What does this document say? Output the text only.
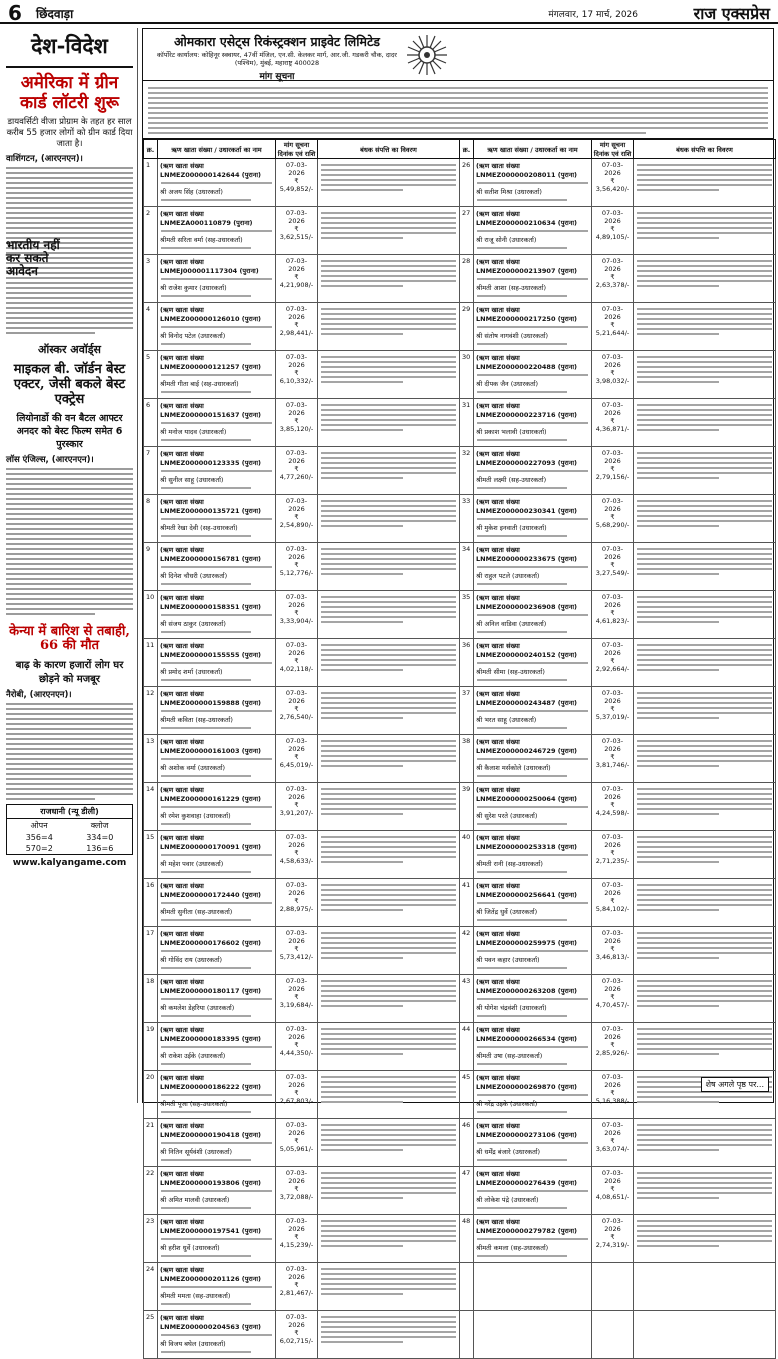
6 छिंदवाड़ा	मंगलवार, 17 मार्च, 2026	राज एक्सप्रेस
देश-विदेश
अमेरिका में ग्रीन कार्ड लॉटरी शुरू
डायवर्सिटी वीजा प्रोग्राम के तहत हर साल करीब 55 हजार लोगों को ग्रीन कार्ड दिया जाता है।
वाशिंगटन, (आरएनएन)।
भारतीय नहीं कर सकते आवेदन
ऑस्कर अवॉर्ड्स
माइकल बी. जॉर्डन बेस्ट एक्टर, जेसी बकले बेस्ट एक्ट्रेस
लियोनार्डो की वन बैटल आफ्टर अनदर को बेस्ट फिल्म समेत 6 पुरस्कार
लॉस एंजिल्स, (आरएनएन)।
केन्या में बारिश से तबाही, 66 की मौत
बाढ़ के कारण हजारों लोग घर छोड़ने को मजबूर
नैरोबी, (आरएनएन)।
राजधानी (न्यू डीली)
ओपन	क्लोज
356=4	334=0
570=2	136=6
www.kalyangame.com
ओमकारा एसेट्स रिकंस्ट्रक्शन प्राइवेट लिमिटेड
कॉर्पोरेट कार्यालय: कोहिनूर स्क्वायर, 47वीं मंजिल, एन.सी. केलकर मार्ग, आर.जी. गडकरी चौक, दादर (पश्चिम), मुंबई, महाराष्ट्र 400028
मांग सूचना
क्र.	ऋण खाता संख्या / उधारकर्ता का नाम	मांग सूचना दिनांक एवं राशि	बंधक संपत्ति का विवरण	क्र.	ऋण खाता संख्या / उधारकर्ता का नाम	मांग सूचना दिनांक एवं राशि	बंधक संपत्ति का विवरण
1	(ऋण खाता संख्या LNMEZ000000142644 (पुराना)
श्री अजय सिंह (उधारकर्ता)	07-03-2026
₹ 5,49,852/-		26	(ऋण खाता संख्या LNMEZ000000208011 (पुराना)
श्री सतीश मिश्रा (उधारकर्ता)	07-03-2026
₹ 3,56,420/-	

2	(ऋण खाता संख्या LNMEZA000110879 (पुराना)
श्रीमती सरिता वर्मा (सह-उधारकर्ता)	07-03-2026
₹ 3,62,515/-		27	(ऋण खाता संख्या LNMEZ000000210634 (पुराना)
श्री राजू सोनी (उधारकर्ता)	07-03-2026
₹ 4,89,105/-	

3	(ऋण खाता संख्या LNMEJ000001117304 (पुराना)
श्री राजेश कुमार (उधारकर्ता)	07-03-2026
₹ 4,21,908/-		28	(ऋण खाता संख्या LNMEZ000000213907 (पुराना)
श्रीमती आशा (सह-उधारकर्ता)	07-03-2026
₹ 2,63,378/-	

4	(ऋण खाता संख्या LNMEZ000000126010 (पुराना)
श्री विनोद पटेल (उधारकर्ता)	07-03-2026
₹ 2,98,441/-		29	(ऋण खाता संख्या LNMEZ000000217250 (पुराना)
श्री संतोष नागवंशी (उधारकर्ता)	07-03-2026
₹ 5,21,644/-	

5	(ऋण खाता संख्या LNMEZ000000121257 (पुराना)
श्रीमती गीता बाई (सह-उधारकर्ता)	07-03-2026
₹ 6,10,332/-		30	(ऋण खाता संख्या LNMEZ000000220488 (पुराना)
श्री दीपक जैन (उधारकर्ता)	07-03-2026
₹ 3,98,032/-	

6	(ऋण खाता संख्या LNMEZ000000151637 (पुराना)
श्री मनोज यादव (उधारकर्ता)	07-03-2026
₹ 3,85,120/-		31	(ऋण खाता संख्या LNMEZ000000223716 (पुराना)
श्री प्रकाश भलावी (उधारकर्ता)	07-03-2026
₹ 4,36,871/-	

7	(ऋण खाता संख्या LNMEZ000000123335 (पुराना)
श्री सुनील साहू (उधारकर्ता)	07-03-2026
₹ 4,77,260/-		32	(ऋण खाता संख्या LNMEZ000000227093 (पुराना)
श्रीमती लक्ष्मी (सह-उधारकर्ता)	07-03-2026
₹ 2,79,156/-	

8	(ऋण खाता संख्या LNMEZ000000135721 (पुराना)
श्रीमती रेखा देवी (सह-उधारकर्ता)	07-03-2026
₹ 2,54,890/-		33	(ऋण खाता संख्या LNMEZ000000230341 (पुराना)
श्री मुकेश इनवाती (उधारकर्ता)	07-03-2026
₹ 5,68,290/-	

9	(ऋण खाता संख्या LNMEZ000000156781 (पुराना)
श्री दिनेश चौधरी (उधारकर्ता)	07-03-2026
₹ 5,12,776/-		34	(ऋण खाता संख्या LNMEZ000000233675 (पुराना)
श्री राहुल पटले (उधारकर्ता)	07-03-2026
₹ 3,27,549/-	

10	(ऋण खाता संख्या LNMEZ000000158351 (पुराना)
श्री संजय ठाकुर (उधारकर्ता)	07-03-2026
₹ 3,33,904/-		35	(ऋण खाता संख्या LNMEZ000000236908 (पुराना)
श्री अनिल वाडिवा (उधारकर्ता)	07-03-2026
₹ 4,61,823/-	

11	(ऋण खाता संख्या LNMEZ000000155555 (पुराना)
श्री प्रमोद शर्मा (उधारकर्ता)	07-03-2026
₹ 4,02,118/-		36	(ऋण खाता संख्या LNMEZ000000240152 (पुराना)
श्रीमती सीमा (सह-उधारकर्ता)	07-03-2026
₹ 2,92,664/-	

12	(ऋण खाता संख्या LNMEZ000000159888 (पुराना)
श्रीमती कविता (सह-उधारकर्ता)	07-03-2026
₹ 2,76,540/-		37	(ऋण खाता संख्या LNMEZ000000243487 (पुराना)
श्री भरत साहू (उधारकर्ता)	07-03-2026
₹ 5,37,019/-	

13	(ऋण खाता संख्या LNMEZ000000161003 (पुराना)
श्री अशोक वर्मा (उधारकर्ता)	07-03-2026
₹ 6,45,019/-		38	(ऋण खाता संख्या LNMEZ000000246729 (पुराना)
श्री कैलाश मर्सकोले (उधारकर्ता)	07-03-2026
₹ 3,81,746/-	

14	(ऋण खाता संख्या LNMEZ000000161229 (पुराना)
श्री रमेश कुशवाहा (उधारकर्ता)	07-03-2026
₹ 3,91,207/-		39	(ऋण खाता संख्या LNMEZ000000250064 (पुराना)
श्री सुरेश परते (उधारकर्ता)	07-03-2026
₹ 4,24,598/-	

15	(ऋण खाता संख्या LNMEZ000000170091 (पुराना)
श्री महेश पवार (उधारकर्ता)	07-03-2026
₹ 4,58,633/-		40	(ऋण खाता संख्या LNMEZ000000253318 (पुराना)
श्रीमती रानी (सह-उधारकर्ता)	07-03-2026
₹ 2,71,235/-	

16	(ऋण खाता संख्या LNMEZ000000172440 (पुराना)
श्रीमती सुनीता (सह-उधारकर्ता)	07-03-2026
₹ 2,88,975/-		41	(ऋण खाता संख्या LNMEZ000000256641 (पुराना)
श्री जितेंद्र धुर्वे (उधारकर्ता)	07-03-2026
₹ 5,84,102/-	

17	(ऋण खाता संख्या LNMEZ000000176602 (पुराना)
श्री गोविंद राय (उधारकर्ता)	07-03-2026
₹ 5,73,412/-		42	(ऋण खाता संख्या LNMEZ000000259975 (पुराना)
श्री पवन कहार (उधारकर्ता)	07-03-2026
₹ 3,46,813/-	

18	(ऋण खाता संख्या LNMEZ000000180117 (पुराना)
श्री कमलेश डेहरिया (उधारकर्ता)	07-03-2026
₹ 3,19,684/-		43	(ऋण खाता संख्या LNMEZ000000263208 (पुराना)
श्री योगेश चंद्रवंशी (उधारकर्ता)	07-03-2026
₹ 4,70,457/-	

19	(ऋण खाता संख्या LNMEZ000000183395 (पुराना)
श्री राकेश उईके (उधारकर्ता)	07-03-2026
₹ 4,44,350/-		44	(ऋण खाता संख्या LNMEZ000000266534 (पुराना)
श्रीमती उषा (सह-उधारकर्ता)	07-03-2026
₹ 2,85,926/-	

20	(ऋण खाता संख्या LNMEZ000000186222 (पुराना)
श्रीमती पूजा (सह-उधारकर्ता)	07-03-2026
₹ 2,67,803/-		45	(ऋण खाता संख्या LNMEZ000000269870 (पुराना)
श्री नरेंद्र उइके (उधारकर्ता)	07-03-2026
₹ 5,16,388/-	

21	(ऋण खाता संख्या LNMEZ000000190418 (पुराना)
श्री नितिन सूर्यवंशी (उधारकर्ता)	07-03-2026
₹ 5,05,961/-		46	(ऋण खाता संख्या LNMEZ000000273106 (पुराना)
श्री धर्मेंद्र बंजारे (उधारकर्ता)	07-03-2026
₹ 3,63,074/-	

22	(ऋण खाता संख्या LNMEZ000000193806 (पुराना)
श्री अमित मालवी (उधारकर्ता)	07-03-2026
₹ 3,72,088/-		47	(ऋण खाता संख्या LNMEZ000000276439 (पुराना)
श्री लोकेश पंद्रे (उधारकर्ता)	07-03-2026
₹ 4,08,651/-	

23	(ऋण खाता संख्या LNMEZ000000197541 (पुराना)
श्री हरीश धुर्वे (उधारकर्ता)	07-03-2026
₹ 4,15,239/-		48	(ऋण खाता संख्या LNMEZ000000279782 (पुराना)
श्रीमती कमला (सह-उधारकर्ता)	07-03-2026
₹ 2,74,319/-	

24	(ऋण खाता संख्या LNMEZ000000201126 (पुराना)
श्रीमती ममता (सह-उधारकर्ता)	07-03-2026
₹ 2,81,467/-					

25	(ऋण खाता संख्या LNMEZ000000204563 (पुराना)
श्री विजय बघेल (उधारकर्ता)	07-03-2026
₹ 6,02,715/-					

शेष अगले पृष्ठ पर...
